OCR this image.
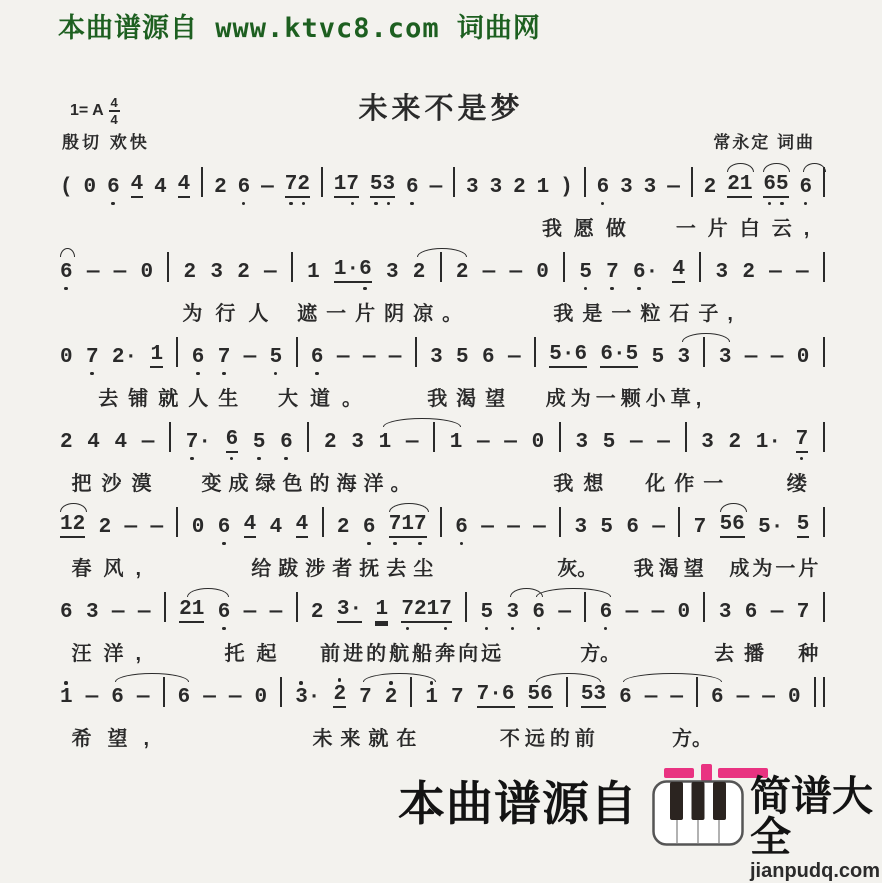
本曲谱源自 www.ktvc8.com 词曲网
未来不是梦
1= A 4
4
殷切 欢快	常永定 词曲
( 0 6 4 4 4 2 6 — 7 2 1 7 5 3 6 — 3 3 2 1 ) 6 3 3 — 2 2 1 6 5 6
我愿做 一片白云,
6 — — 0 2 3 2 — 1 1 · 6 3 2 2 — — 0 5 7 6 · 4 3 2 — —
为行人 遮一片阴凉。	我是一粒石子,
0 7 2 · 1 6 7 — 5 6 — — — 3 5 6 — 5 · 6 6 · 5 5 3 3 — — 0
去铺就人生 大道。	我渴望 成为一颗小草,
2 4 4 — 7 · 6 5 6 2 3 1 — 1 — — 0 3 5 — — 3 2 1 · 7
把沙漠 变成绿色的海洋。	我想 化作一	缕
1 2 2 — — 0 6 4 4 4 2 6 7 1 7 6 — — — 3 5 6 — 7 5 6 5 · 5
春风,	给跋涉者抚去尘	灰。 我渴望 成为一片
6 3 — — 2 1 6 — — 2 3 · 1 7 2 1 7 5 3 6 — 6 — — 0 3 6 — 7
汪洋,	托起 前进的航船奔向远	方。	去播 种
1 — 6 — 6 — — 0 3 · 2 7 2 1 7 7 · 6 5 6 5 3 6 — — 6 — — 0
希望,	未来就在	不远的前	方。
本曲谱源自	简谱大全
jianpudq.com
